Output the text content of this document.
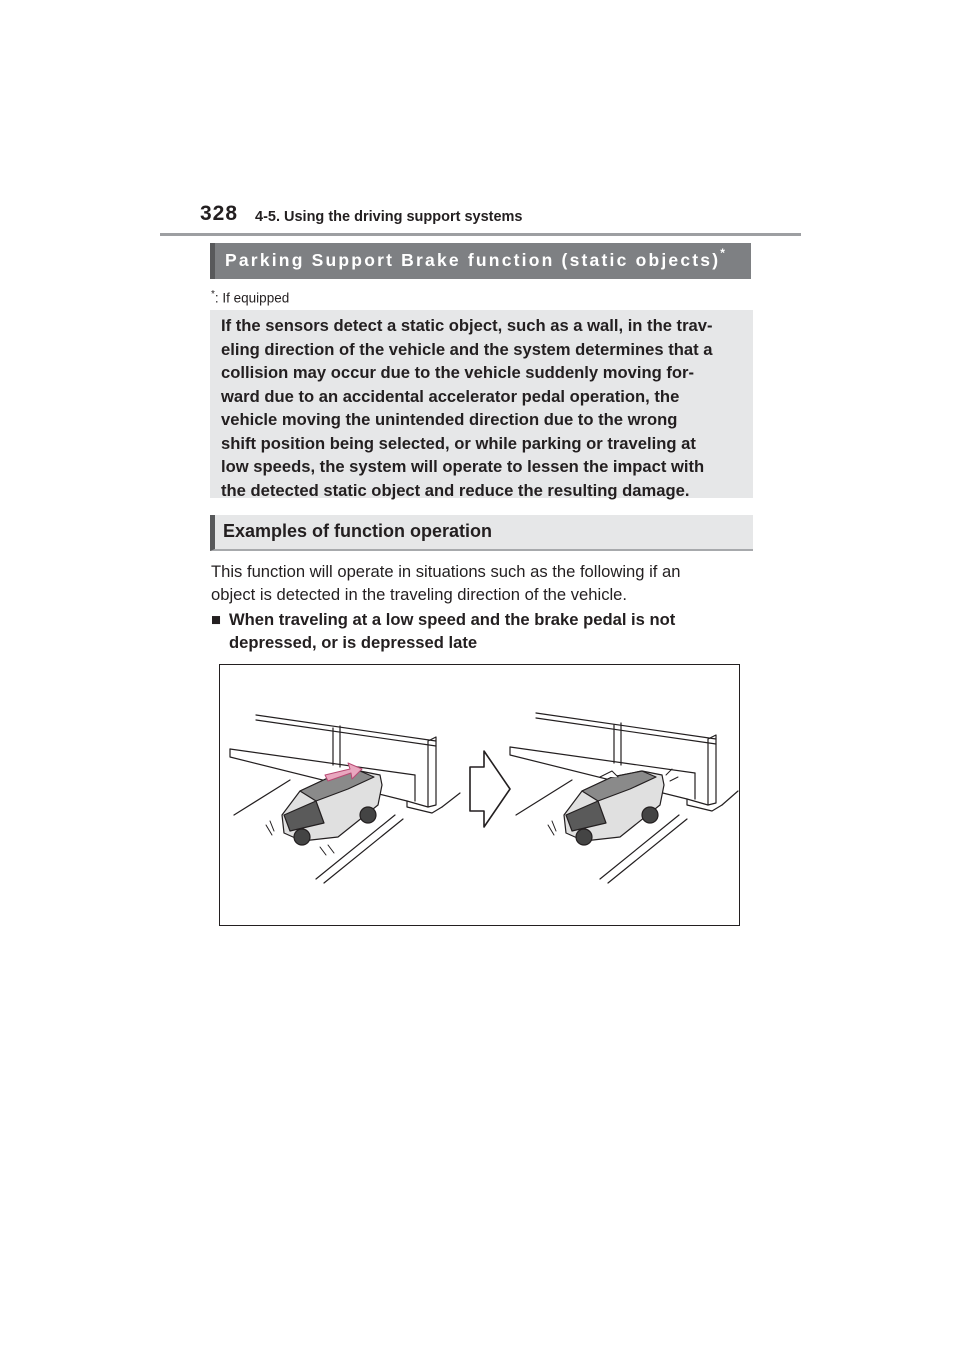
328 4-5. Using the driving support systems
Parking Support Brake function (static objects)*
*: If equipped

If the sensors detect a static object, such as a wall, in the trav-
eling direction of the vehicle and the system determines that a
collision may occur due to the vehicle suddenly moving for-
ward due to an accidental accelerator pedal operation, the
vehicle moving the unintended direction due to the wrong
shift position being selected, or while parking or traveling at
low speeds, the system will operate to lessen the impact with
the detected static object and reduce the resulting damage.

Examples of function operation

This function will operate in situations such as the following if an
object is detected in the traveling direction of the vehicle.

■ When traveling at a low speed and the brake pedal is not
depressed, or is depressed late
